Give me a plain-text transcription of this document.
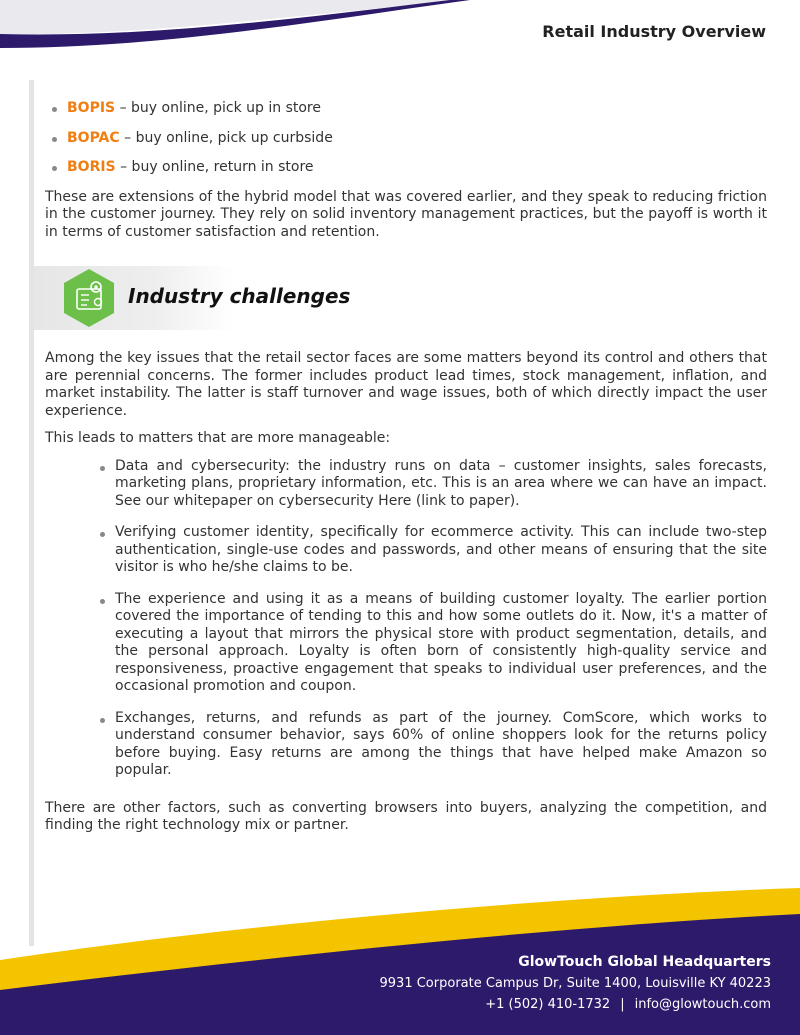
Retail Industry Overview
BOPIS – buy online, pick up in store
BOPAC – buy online, pick up curbside
BORIS – buy online, return in store

These are extensions of the hybrid model that was covered earlier, and they speak to reducing friction in the customer journey. They rely on solid inventory management practices, but the payoff is worth it in terms of customer satisfaction and retention.

Industry challenges

Among the key issues that the retail sector faces are some matters beyond its control and others that are perennial concerns. The former includes product lead times, stock management, inflation, and market instability. The latter is staff turnover and wage issues, both of which directly impact the user experience.

This leads to matters that are more manageable:

Data and cybersecurity: the industry runs on data – customer insights, sales forecasts, marketing plans, proprietary information, etc. This is an area where we can have an impact. See our whitepaper on cybersecurity Here (link to paper).
Verifying customer identity, specifically for ecommerce activity. This can include two-step authentication, single-use codes and passwords, and other means of ensuring that the site visitor is who he/she claims to be.
The experience and using it as a means of building customer loyalty. The earlier portion covered the importance of tending to this and how some outlets do it. Now, it's a matter of executing a layout that mirrors the physical store with product segmentation, details, and the personal approach. Loyalty is often born of consistently high-quality service and responsiveness, proactive engagement that speaks to individual user preferences, and the occasional promotion and coupon.
Exchanges, returns, and refunds as part of the journey. ComScore, which works to understand consumer behavior, says 60% of online shoppers look for the returns policy before buying. Easy returns are among the things that have helped make Amazon so popular.

There are other factors, such as converting browsers into buyers, analyzing the competition, and finding the right technology mix or partner.

GlowTouch Global Headquarters
9931 Corporate Campus Dr, Suite 1400, Louisville KY 40223
+1 (502) 410-1732 | info@glowtouch.com
